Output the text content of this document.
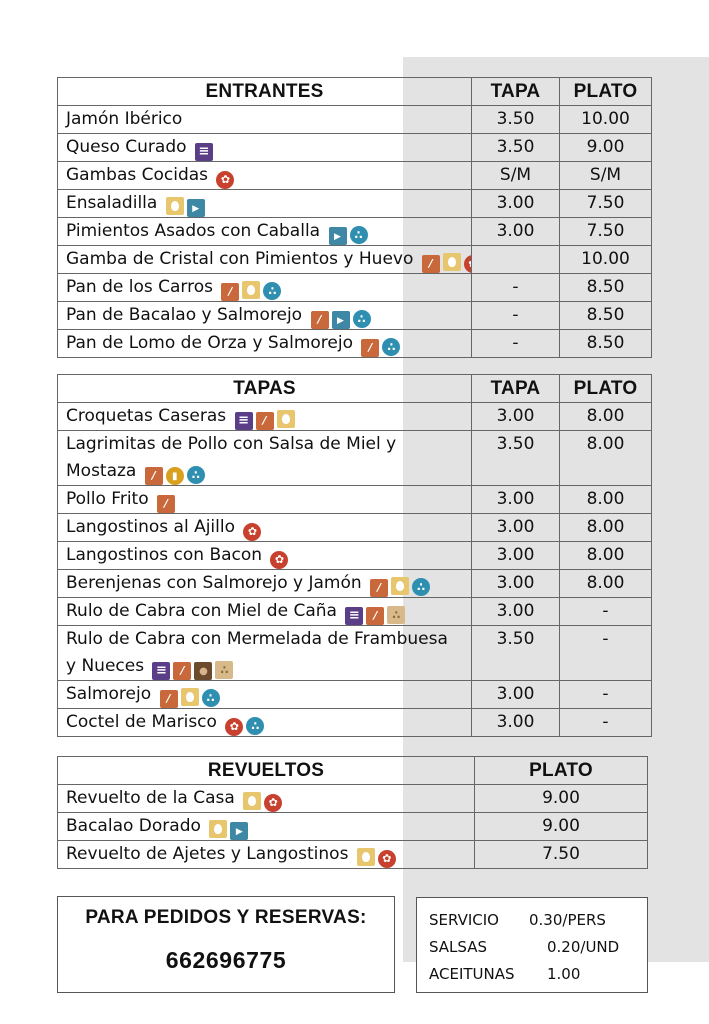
ENTRANTES	TAPA	PLATO
Jamón Ibérico	3.50	10.00
Queso Curado ≡	3.50	9.00
Gambas Cocidas ✿	S/M	S/M
Ensaladilla ▶	3.00	7.50
Pimientos Asados con Caballa ▶∴	3.00	7.50
Gamba de Cristal con Pimientos y Huevo /✿		10.00
Pan de los Carros /∴	-	8.50
Pan de Bacalao y Salmorejo /▶∴	-	8.50
Pan de Lomo de Orza y Salmorejo /∴	-	8.50
TAPAS	TAPA	PLATO
Croquetas Caseras ≡/	3.00	8.00
Lagrimitas de Pollo con Salsa de Miel y Mostaza /▮∴	3.50	8.00
Pollo Frito /	3.00	8.00
Langostinos al Ajillo ✿	3.00	8.00
Langostinos con Bacon ✿	3.00	8.00
Berenjenas con Salmorejo y Jamón /∴	3.00	8.00
Rulo de Cabra con Miel de Caña ≡/∴	3.00	-
Rulo de Cabra con Mermelada de Frambuesa y Nueces ≡/●∴	3.50	-
Salmorejo /∴	3.00	-
Coctel de Marisco ✿∴	3.00	-
REVUELTOS	PLATO
Revuelto de la Casa ✿	9.00
Bacalao Dorado ▶	9.00
Revuelto de Ajetes y Langostinos ✿	7.50
PARA PEDIDOS Y RESERVAS:
662696775
SERVICIO 0.30/PERS
SALSAS	0.20/UND
ACEITUNAS 1.00
